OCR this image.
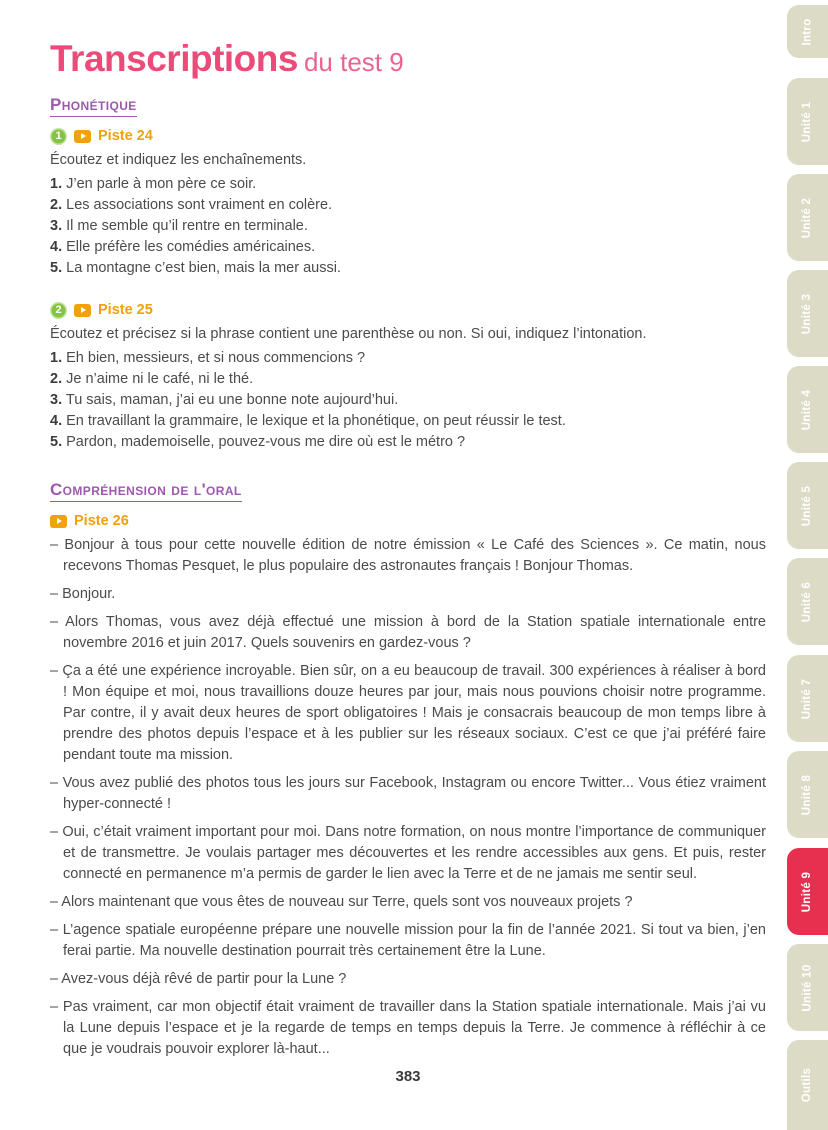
Transcriptions du test 9
Phonétique
1	Piste 24

Écoutez et indiquez les enchaînements.

1. J’en parle à mon père ce soir.
2. Les associations sont vraiment en colère.
3. Il me semble qu’il rentre en terminale.
4. Elle préfère les comédies américaines.
5. La montagne c’est bien, mais la mer aussi.
2	Piste 25

Écoutez et précisez si la phrase contient une parenthèse ou non. Si oui, indiquez l’intonation.

1. Eh bien, messieurs, et si nous commencions ?
2. Je n’aime ni le café, ni le thé.
3. Tu sais, maman, j’ai eu une bonne note aujourd’hui.
4. En travaillant la grammaire, le lexique et la phonétique, on peut réussir le test.
5. Pardon, mademoiselle, pouvez-vous me dire où est le métro ?
Compréhension de l'oral
Piste 26

– Bonjour à tous pour cette nouvelle édition de notre émission « Le Café des Sciences ». Ce matin, nous recevons Thomas Pesquet, le plus populaire des astronautes français ! Bonjour Thomas.

– Bonjour.

– Alors Thomas, vous avez déjà effectué une mission à bord de la Station spatiale internationale entre novembre 2016 et juin 2017. Quels souvenirs en gardez-vous ?

– Ça a été une expérience incroyable. Bien sûr, on a eu beaucoup de travail. 300 expériences à réaliser à bord ! Mon équipe et moi, nous travaillions douze heures par jour, mais nous pouvions choisir notre programme. Par contre, il y avait deux heures de sport obligatoires ! Mais je consacrais beaucoup de mon temps libre à prendre des photos depuis l’espace et à les publier sur les réseaux sociaux. C’est ce que j’ai préféré faire pendant toute ma mission.

– Vous avez publié des photos tous les jours sur Facebook, Instagram ou encore Twitter... Vous étiez vraiment hyper-connecté !

– Oui, c’était vraiment important pour moi. Dans notre formation, on nous montre l’importance de communiquer et de transmettre. Je voulais partager mes découvertes et les rendre accessibles aux gens. Et puis, rester connecté en permanence m’a permis de garder le lien avec la Terre et de ne jamais me sentir seul.

– Alors maintenant que vous êtes de nouveau sur Terre, quels sont vos nouveaux projets ?

– L’agence spatiale européenne prépare une nouvelle mission pour la fin de l’année 2021. Si tout va bien, j’en ferai partie. Ma nouvelle destination pourrait très certainement être la Lune.

– Avez-vous déjà rêvé de partir pour la Lune ?

– Pas vraiment, car mon objectif était vraiment de travailler dans la Station spatiale internationale. Mais j’ai vu la Lune depuis l’espace et je la regarde de temps en temps depuis la Terre. Je commence à réfléchir à ce que je voudrais pouvoir explorer là-haut...

383
Intro
Unité 1
Unité 2
Unité 3
Unité 4
Unité 5
Unité 6
Unité 7
Unité 8
Unité 9
Unité 10
Outils
